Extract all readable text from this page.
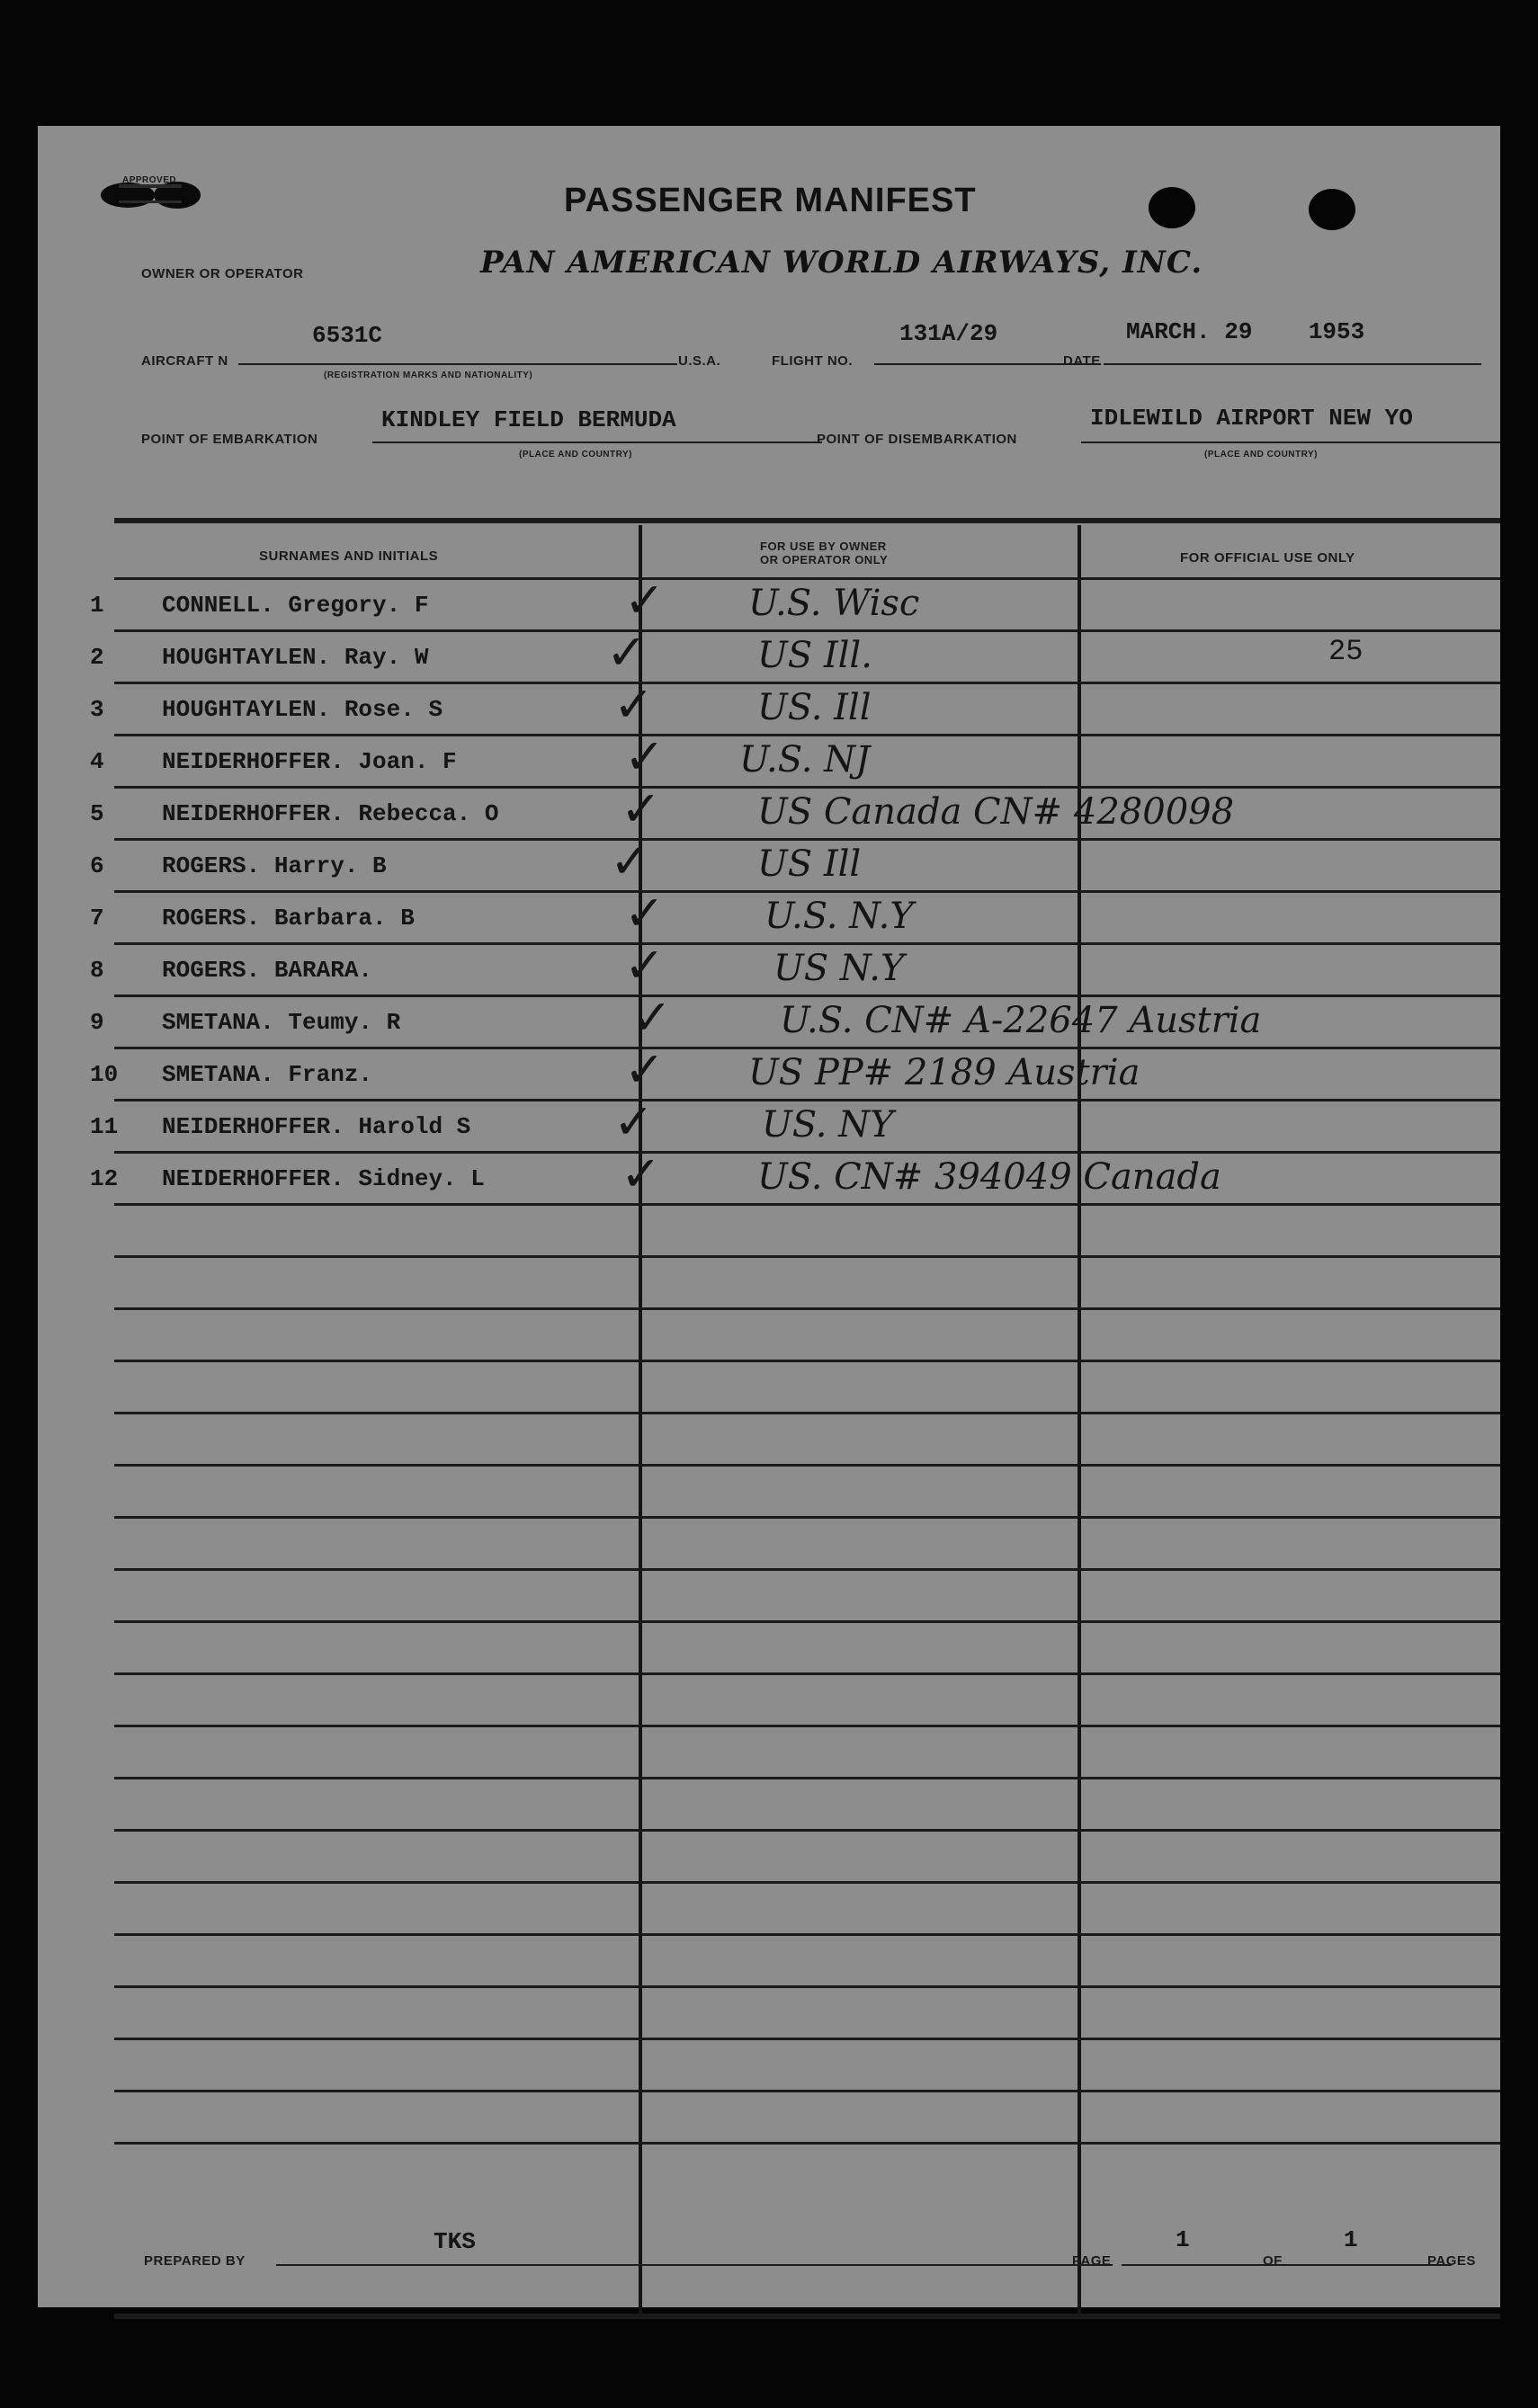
APPROVED
PASSENGER MANIFEST
OWNER OR OPERATOR	PAN AMERICAN WORLD AIRWAYS, INC.
AIRCRAFT N
6531C
(REGISTRATION MARKS AND NATIONALITY)
U.S.A.	FLIGHT NO.
131A/29
DATE
MARCH. 29    1953
POINT OF EMBARKATION
KINDLEY FIELD BERMUDA
(PLACE AND COUNTRY)
POINT OF DISEMBARKATION
IDLEWILD AIRPORT NEW YO
(PLACE AND COUNTRY)
SURNAMES AND INITIALS
FOR USE BY OWNER
OR OPERATOR ONLY	FOR OFFICIAL USE ONLY
1 CONNELL. Gregory. F	✓ U.S. Wisc
2 HOUGHTAYLEN. Ray. W	✓	US Ill.	25
3 HOUGHTAYLEN. Rose. S	✓	US. Ill
4 NEIDERHOFFER. Joan. F	✓ U.S. NJ
5 NEIDERHOFFER. Rebecca. O	✓	US Canada CN# 4280098
6 ROGERS. Harry. B	✓	US Ill
7 ROGERS. Barbara. B	✓	U.S. N.Y
8 ROGERS. BARARA.	✓	US N.Y
9 SMETANA. Teumy. R	✓	U.S. CN# A-22647 Austria
10 SMETANA. Franz.	✓ US PP# 2189 Austria
11 NEIDERHOFFER. Harold S	✓	US. NY
12 NEIDERHOFFER. Sidney. L	✓	US. CN# 394049 Canada
PREPARED BY
TKS
PAGE
1
OF
1
PAGES
